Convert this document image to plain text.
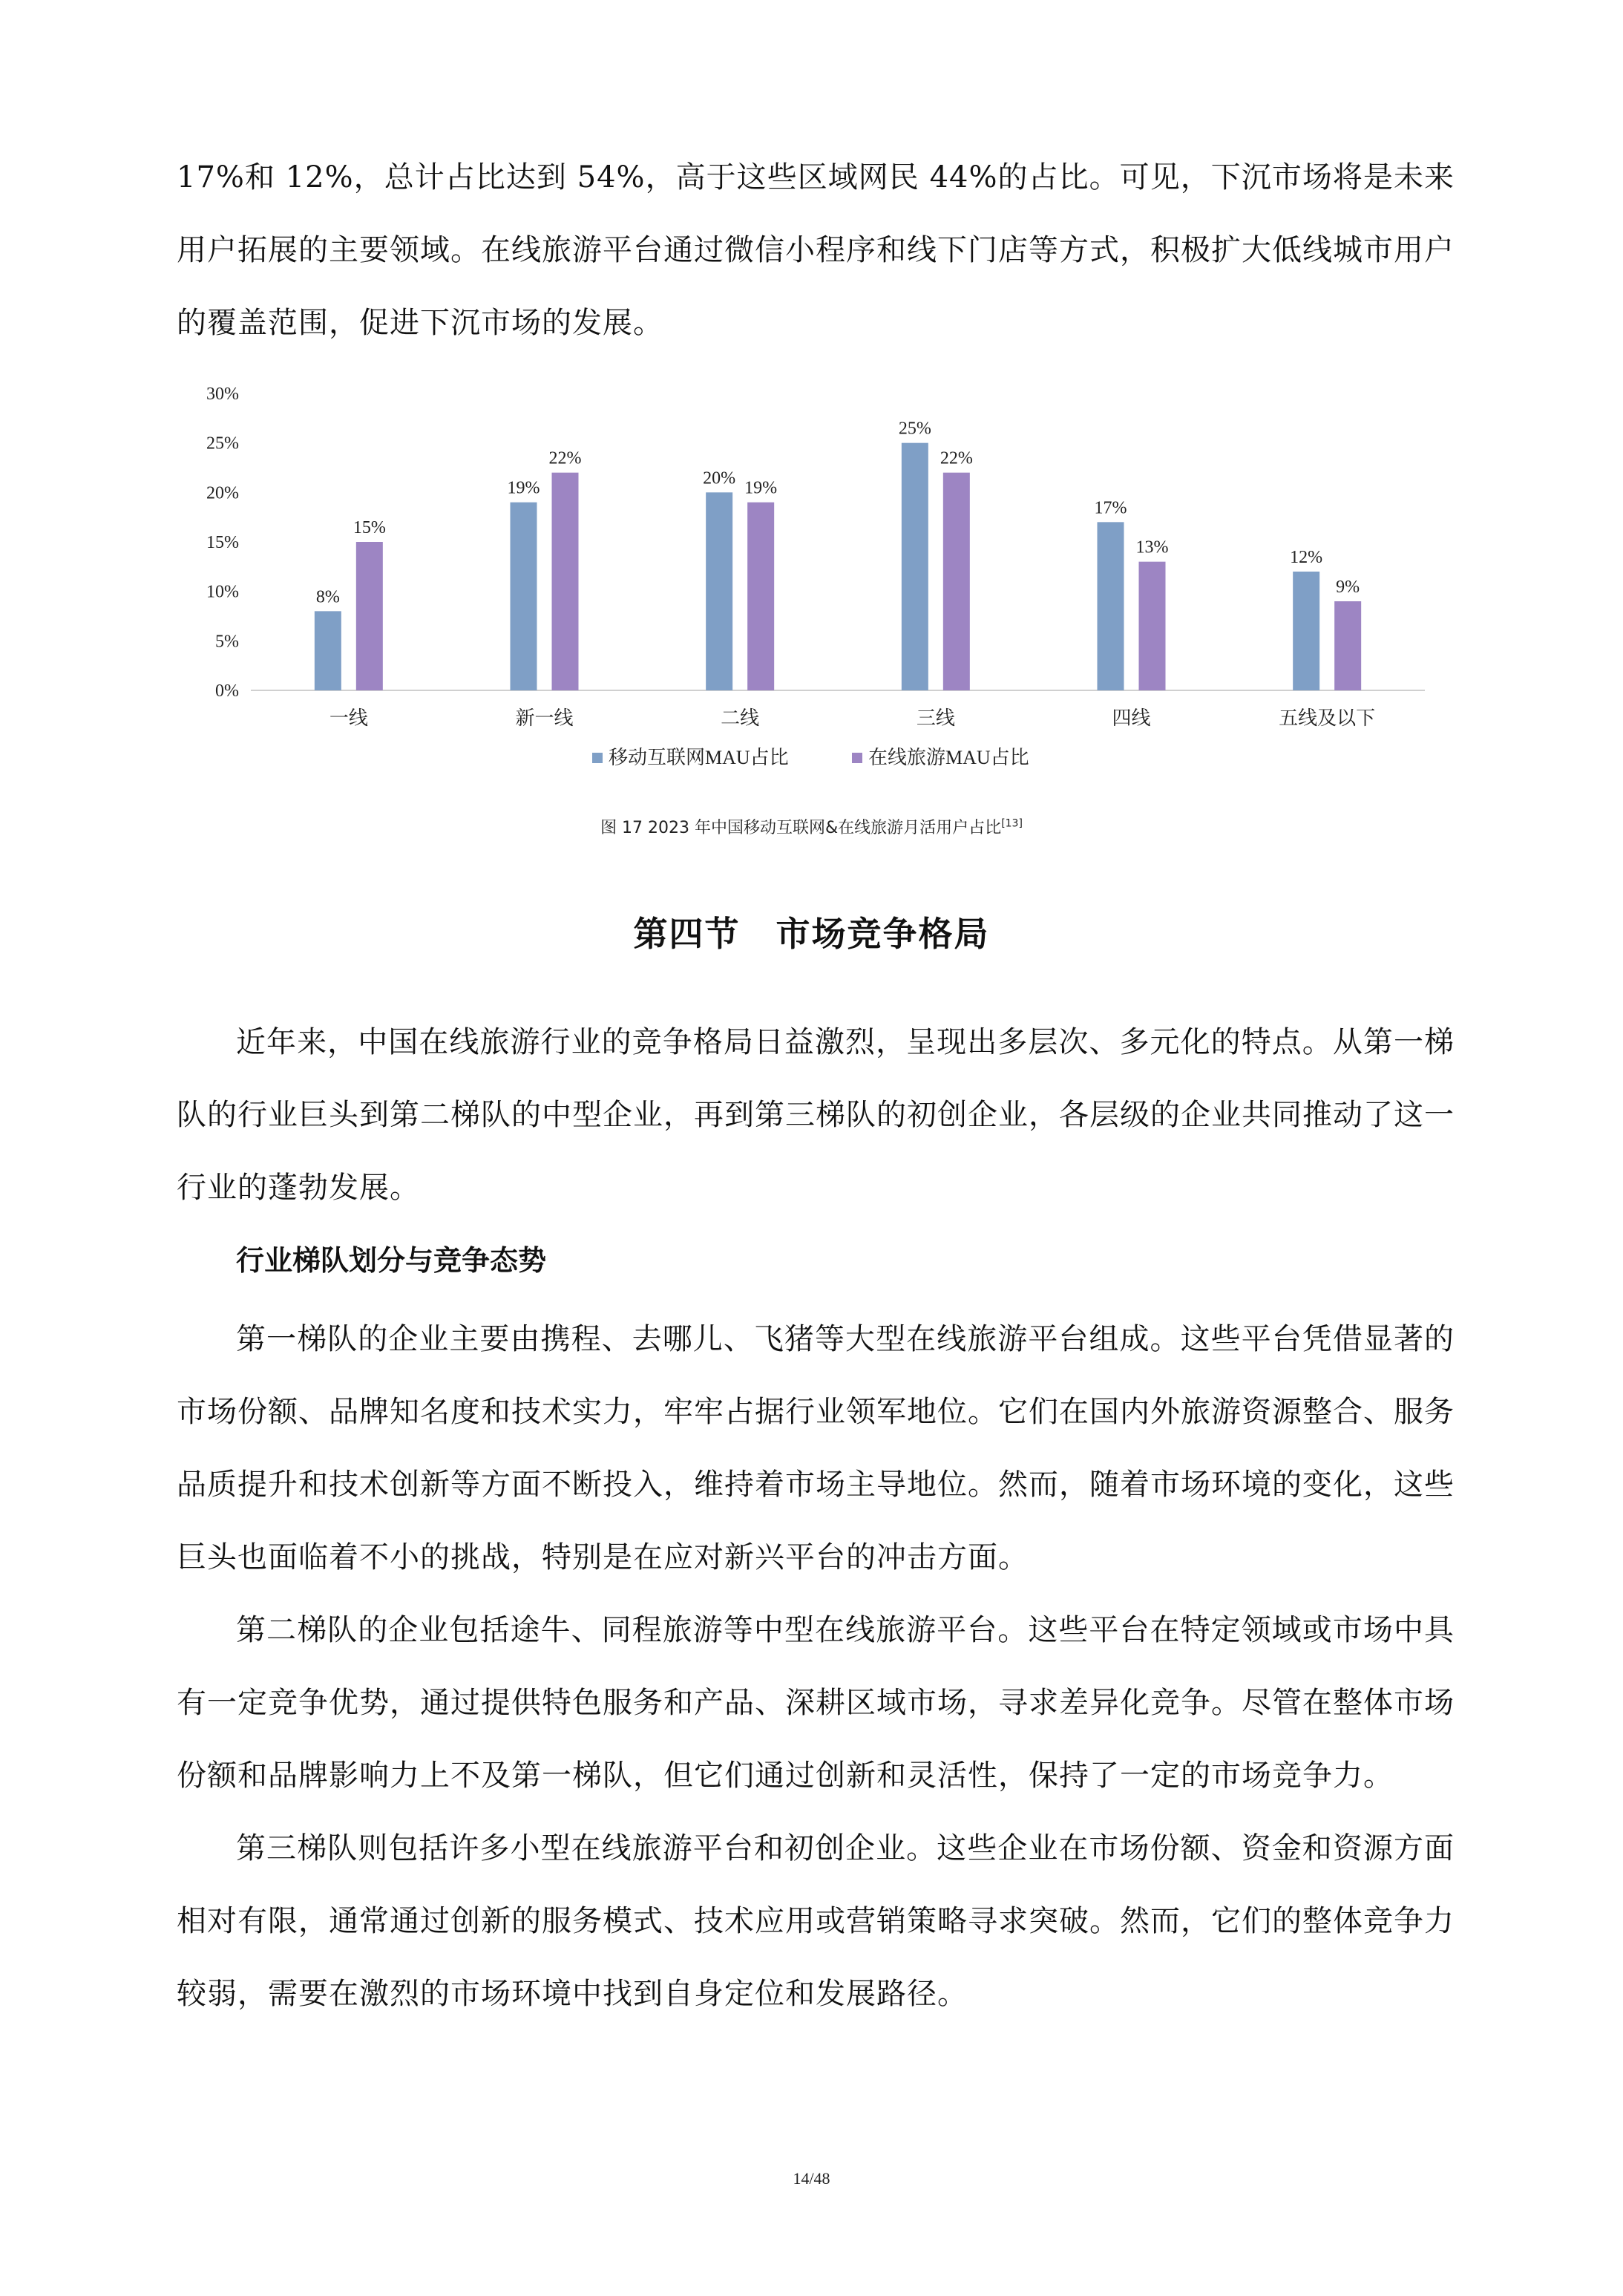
17%和 12%，总计占比达到 54%，高于这些区域网民 44%的占比。可见，下沉市场将是未来用户拓展的主要领域。在线旅游平台通过微信小程序和线下门店等方式，积极扩大低线城市用户的覆盖范围，促进下沉市场的发展。

0%
5%
10%
15%
20%
25%
30%
8%
15%
19%
22%
20%
19%
25%
22%
17%
13%
12%
9%
一线	新一线	二线	三线	四线	五线及以下
移动互联网MAU占比	在线旅游MAU占比
图 17 2023 年中国移动互联网&在线旅游月活用户占比[13]
第四节　市场竞争格局

近年来，中国在线旅游行业的竞争格局日益激烈，呈现出多层次、多元化的特点。从第一梯队的行业巨头到第二梯队的中型企业，再到第三梯队的初创企业，各层级的企业共同推动了这一行业的蓬勃发展。

行业梯队划分与竞争态势

第一梯队的企业主要由携程、去哪儿、飞猪等大型在线旅游平台组成。这些平台凭借显著的市场份额、品牌知名度和技术实力，牢牢占据行业领军地位。它们在国内外旅游资源整合、服务品质提升和技术创新等方面不断投入，维持着市场主导地位。然而，随着市场环境的变化，这些巨头也面临着不小的挑战，特别是在应对新兴平台的冲击方面。

第二梯队的企业包括途牛、同程旅游等中型在线旅游平台。这些平台在特定领域或市场中具有一定竞争优势，通过提供特色服务和产品、深耕区域市场，寻求差异化竞争。尽管在整体市场份额和品牌影响力上不及第一梯队，但它们通过创新和灵活性，保持了一定的市场竞争力。

第三梯队则包括许多小型在线旅游平台和初创企业。这些企业在市场份额、资金和资源方面相对有限，通常通过创新的服务模式、技术应用或营销策略寻求突破。然而，它们的整体竞争力较弱，需要在激烈的市场环境中找到自身定位和发展路径。

14/48
